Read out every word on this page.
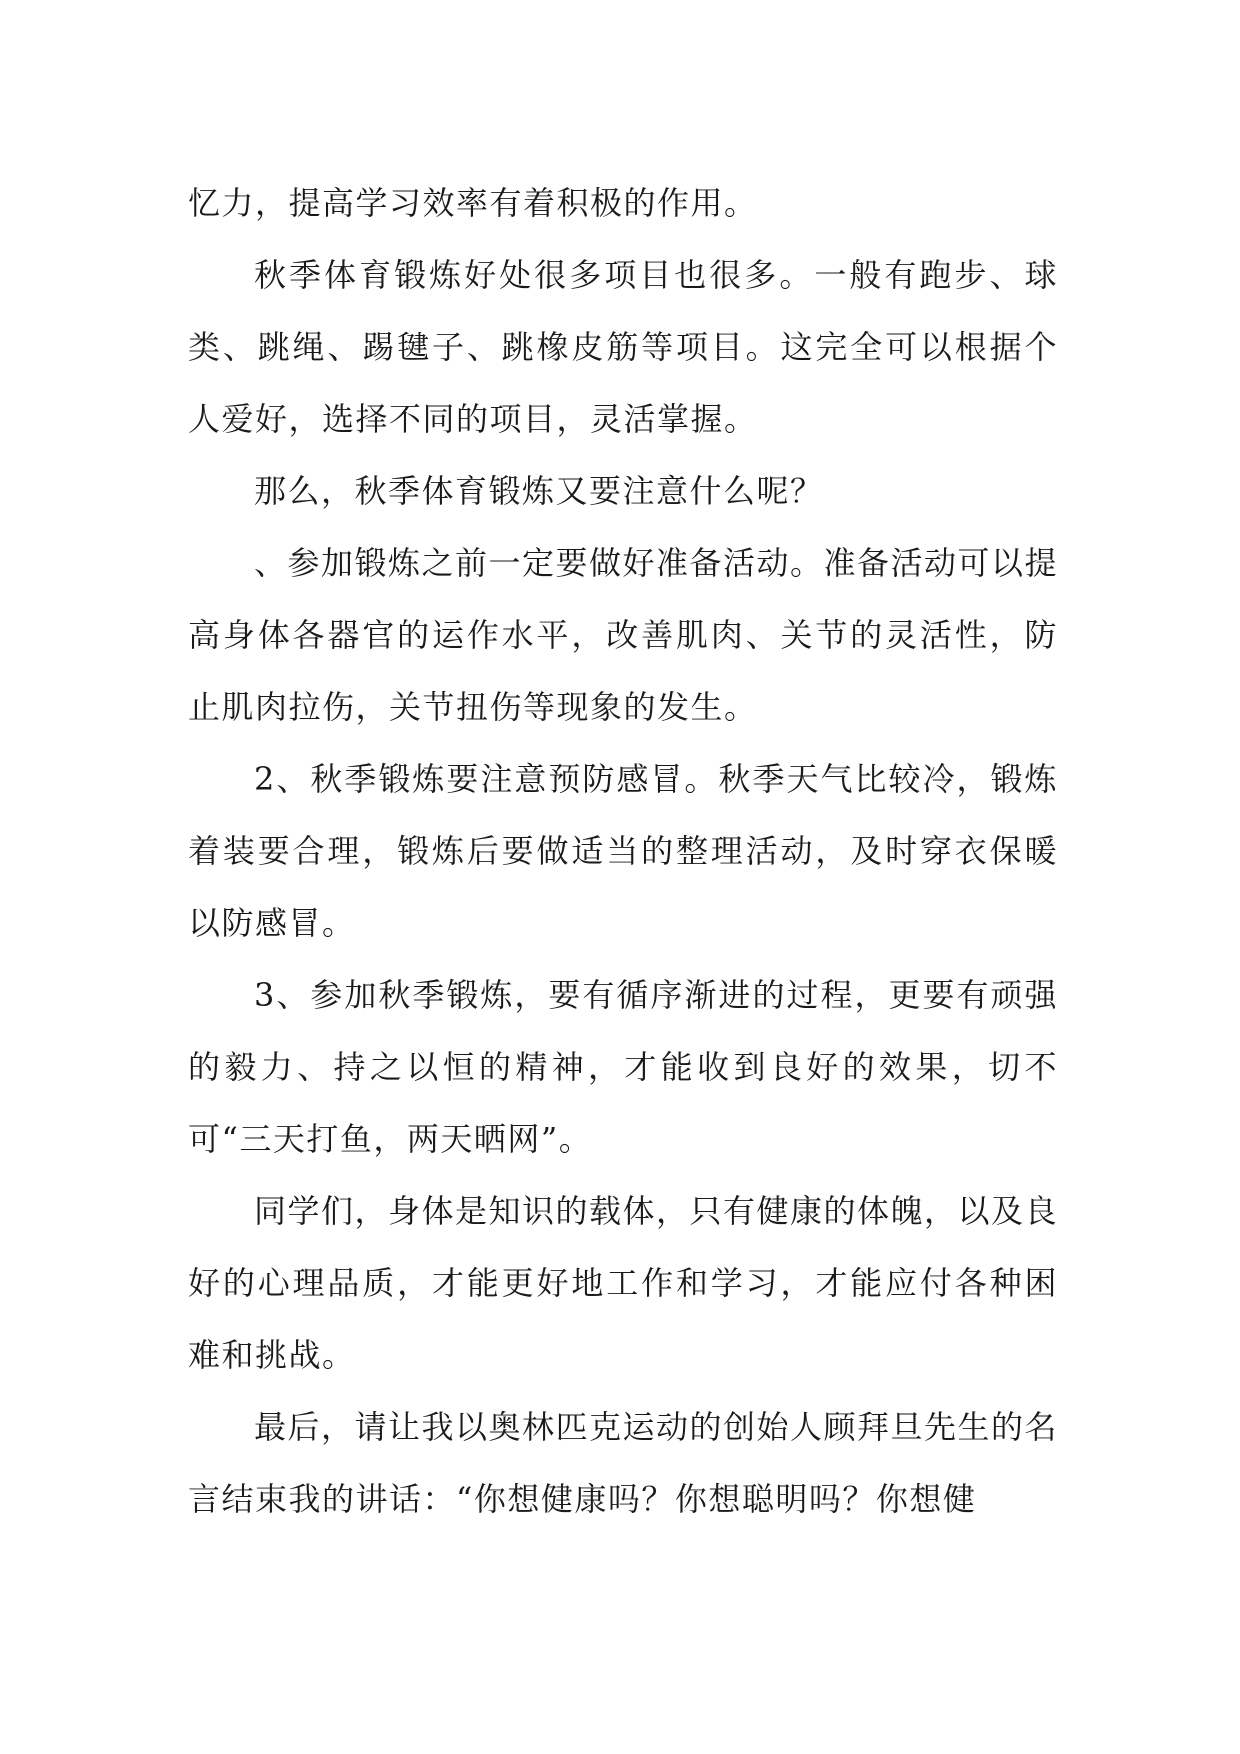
忆力，提高学习效率有着积极的作用。

秋季体育锻炼好处很多项目也很多。一般有跑步、球类、跳绳、踢毽子、跳橡皮筋等项目。这完全可以根据个人爱好，选择不同的项目，灵活掌握。

那么，秋季体育锻炼又要注意什么呢？

、参加锻炼之前一定要做好准备活动。准备活动可以提高身体各器官的运作水平，改善肌肉、关节的灵活性，防止肌肉拉伤，关节扭伤等现象的发生。

2、秋季锻炼要注意预防感冒。秋季天气比较冷，锻炼着装要合理，锻炼后要做适当的整理活动，及时穿衣保暖以防感冒。

3、参加秋季锻炼，要有循序渐进的过程，更要有顽强的毅力、持之以恒的精神，才能收到良好的效果，切不可“三天打鱼，两天晒网”。

同学们，身体是知识的载体，只有健康的体魄，以及良好的心理品质，才能更好地工作和学习，才能应付各种困难和挑战。

最后，请让我以奥林匹克运动的创始人顾拜旦先生的名言结束我的讲话：“你想健康吗？你想聪明吗？你想健
